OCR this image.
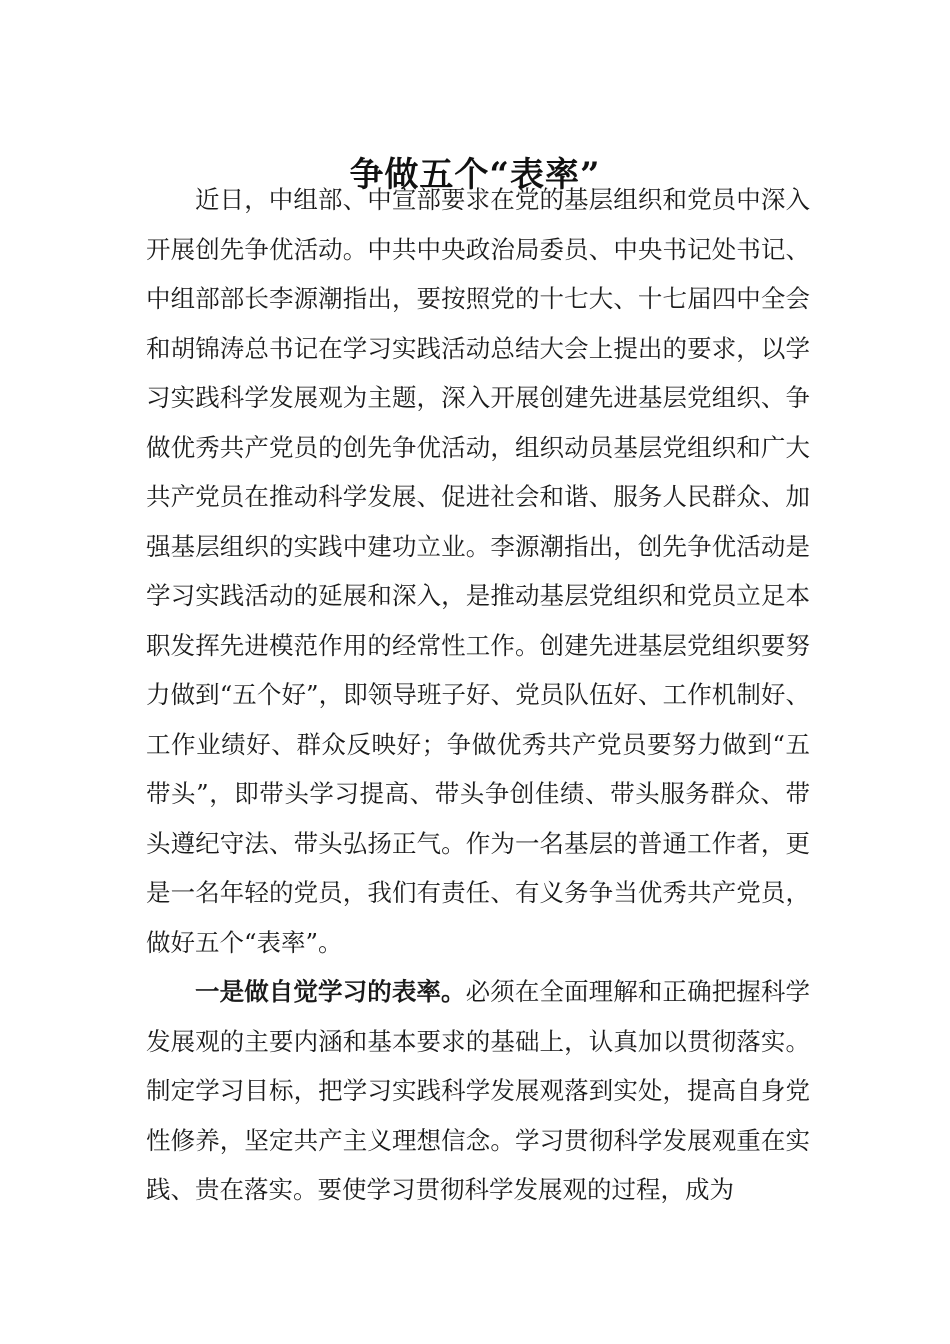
争做五个“表率”

近日，中组部、中宣部要求在党的基层组织和党员中深入开展创先争优活动。中共中央政治局委员、中央书记处书记、中组部部长李源潮指出，要按照党的十七大、十七届四中全会和胡锦涛总书记在学习实践活动总结大会上提出的要求，以学习实践科学发展观为主题，深入开展创建先进基层党组织、争做优秀共产党员的创先争优活动，组织动员基层党组织和广大共产党员在推动科学发展、促进社会和谐、服务人民群众、加强基层组织的实践中建功立业。李源潮指出，创先争优活动是学习实践活动的延展和深入，是推动基层党组织和党员立足本职发挥先进模范作用的经常性工作。创建先进基层党组织要努力做到“五个好”，即领导班子好、党员队伍好、工作机制好、工作业绩好、群众反映好；争做优秀共产党员要努力做到“五带头”，即带头学习提高、带头争创佳绩、带头服务群众、带头遵纪守法、带头弘扬正气。作为一名基层的普通工作者，更是一名年轻的党员，我们有责任、有义务争当优秀共产党员，做好五个“表率”。

一是做自觉学习的表率。必须在全面理解和正确把握科学发展观的主要内涵和基本要求的基础上，认真加以贯彻落实。制定学习目标，把学习实践科学发展观落到实处，提高自身党性修养，坚定共产主义理想信念。学习贯彻科学发展观重在实践、贵在落实。要使学习贯彻科学发展观的过程，成为
